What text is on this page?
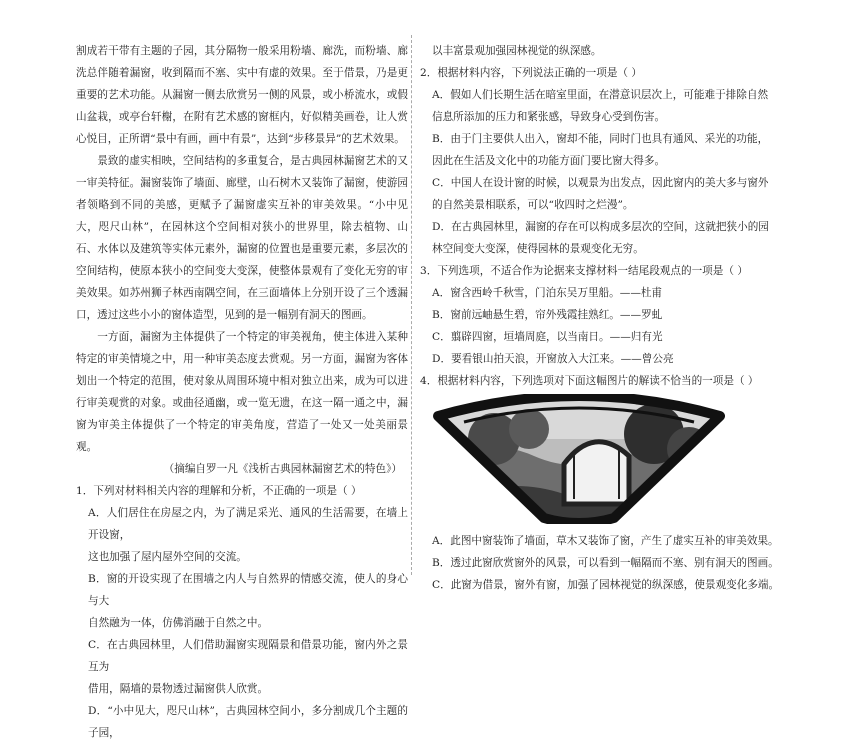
割成若干带有主题的子园，其分隔物一般采用粉墙、廊洗，而粉墙、廊洗总伴随着漏窗，收到隔而不塞、实中有虚的效果。至于借景，乃是更重要的艺术功能。从漏窗一侧去欣赏另一侧的风景，或小桥流水，或假山盆栽，或亭台轩榭，在附有艺术感的窗框内，好似精美画卷，让人赏心悦目，正所谓“景中有画，画中有景”，达到“步移景异”的艺术效果。

景致的虚实相映，空间结构的多重复合，是古典园林漏窗艺术的又一审美特征。漏窗装饰了墙面、廊壁，山石树木又装饰了漏窗，使游园者领略到不同的美感，更赋予了漏窗虚实互补的审美效果。“小中见大，咫尺山林”，在园林这个空间相对狭小的世界里，除去植物、山石、水体以及建筑等实体元素外，漏窗的位置也是重要元素，多层次的空间结构，使原本狭小的空间变大变深，使整体景观有了变化无穷的审美效果。如苏州狮子林西南隅空间，在三面墙体上分别开设了三个透漏口，透过这些小小的窗体造型，见到的是一幅别有洞天的图画。

一方面，漏窗为主体提供了一个特定的审美视角，使主体进入某种特定的审美情境之中，用一种审美态度去赏观。另一方面，漏窗为客体划出一个特定的范围，使对象从周围环境中相对独立出来，成为可以进行审美观赏的对象。或曲径通幽，或一览无遗，在这一隔一通之中，漏窗为审美主体提供了一个特定的审美角度，营造了一处又一处美丽景观。

（摘编自罗一凡《浅析古典园林漏窗艺术的特色》）

1．下列对材料相关内容的理解和分析，不正确的一项是（ ）

A．人们居住在房屋之内，为了满足采光、通风的生活需要，在墙上开设窗，
这也加强了屋内屋外空间的交流。

B．窗的开设实现了在围墙之内人与自然界的情感交流，使人的身心与大
自然融为一体，仿佛消融于自然之中。

C．在古典园林里，人们借助漏窗实现隔景和借景功能，窗内外之景互为
借用，隔墙的景物透过漏窗供人欣赏。

D．“小中见大，咫尺山林”，古典园林空间小，多分割成几个主题的子园，

以丰富景观加强园林视觉的纵深感。

2．根据材料内容，下列说法正确的一项是（ ）

A．假如人们长期生活在暗室里面，在潜意识层次上，可能难于排除自然
信息所添加的压力和紧张感，导致身心受到伤害。

B．由于门主要供人出入，窗却不能，同时门也具有通风、采光的功能，
因此在生活及文化中的功能方面门要比窗大得多。

C．中国人在设计窗的时候，以观景为出发点，因此窗内的美大多与窗外
的自然美景相联系，可以“收四时之烂漫”。

D．在古典园林里，漏窗的存在可以构成多层次的空间，这就把狭小的园
林空间变大变深，使得园林的景观变化无穷。

3．下列选项，不适合作为论据来支撑材料一结尾段观点的一项是（ ）

A．窗含西岭千秋雪，门泊东吴万里船。——杜甫

B．窗前远岫悬生碧，帘外残霞挂熟红。——罗虬

C．翦辟四窗，垣墙周庭，以当南日。——归有光

D．要看银山拍天浪，开窗放入大江来。——曾公亮

4．根据材料内容，下列选项对下面这幅图片的解读不恰当的一项是（ ）

A．此图中窗装饰了墙面，草木又装饰了窗，产生了虚实互补的审美效果。

B．透过此窗欣赏窗外的风景，可以看到一幅隔而不塞、别有洞天的图画。

C．此窗为借景，窗外有窗，加强了园林视觉的纵深感，使景观变化多端。
